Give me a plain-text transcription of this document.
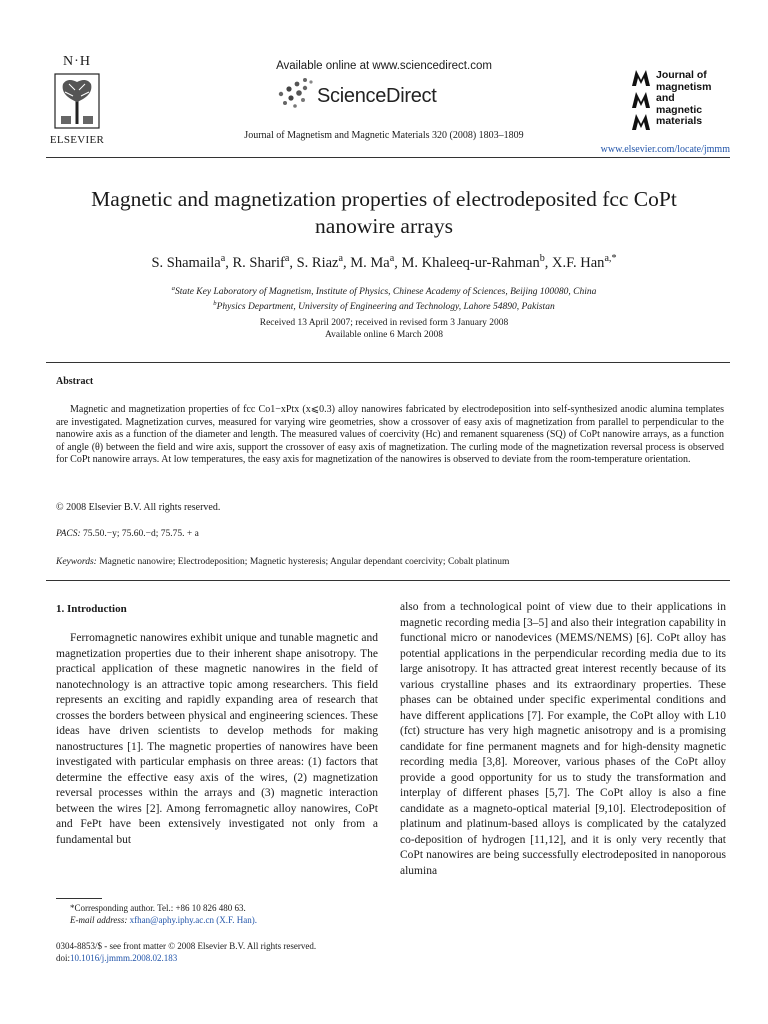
N·H
ELSEVIER
Available online at www.sciencedirect.com
ScienceDirect
Journal of Magnetism and Magnetic Materials 320 (2008) 1803–1809
Journal of
magnetism
and
magnetic
materials
www.elsevier.com/locate/jmmm
Magnetic and magnetization properties of electrodeposited fcc CoPt
nanowire arrays
S. Shamaila$^a$, R. Sharif$^a$, S. Riaz$^a$, M. Ma$^a$, M. Khaleeq-ur-Rahman$^b$, X.F. Han$^{a,*}$
$^a$State Key Laboratory of Magnetism, Institute of Physics, Chinese Academy of Sciences, Beijing 100080, China
$^b$Physics Department, University of Engineering and Technology, Lahore 54890, Pakistan
Received 13 April 2007; received in revised form 3 January 2008
Available online 6 March 2008
Abstract
Magnetic and magnetization properties of fcc Co1−xPtx (x⩽0.3) alloy nanowires fabricated by electrodeposition into self-synthesized anodic alumina templates are investigated. Magnetization curves, measured for varying wire geometries, show a crossover of easy axis of magnetization from parallel to perpendicular to the nanowire axis as a function of the diameter and length. The measured values of coercivity (Hc) and remanent squareness (SQ) of CoPt nanowire arrays, as a function of angle (θ) between the field and wire axis, support the crossover of easy axis of magnetization. The curling mode of the magnetization reversal process is observed for CoPt nanowire arrays. At low temperatures, the easy axis for magnetization of the nanowires is observed to deviate from the room-temperature orientation.
© 2008 Elsevier B.V. All rights reserved.
PACS: 75.50.−y; 75.60.−d; 75.75. + a
Keywords: Magnetic nanowire; Electrodeposition; Magnetic hysteresis; Angular dependant coercivity; Cobalt platinum
1. Introduction
Ferromagnetic nanowires exhibit unique and tunable magnetic and magnetization properties due to their inherent shape anisotropy. The practical application of these magnetic nanowires in the field of nanotechnology is an attractive topic among researchers. This field represents an exciting and rapidly expanding area of research that crosses the borders between physical and engineering sciences. These ideas have driven scientists to develop methods for making nanostructures [1]. The magnetic properties of nanowires have been investigated with particular emphasis on three areas: (1) factors that determine the effective easy axis of the wires, (2) magnetization reversal processes within the arrays and (3) magnetic interaction between the wires [2]. Among ferromagnetic alloy nanowires, CoPt and FePt have been extensively investigated not only from a fundamental but
also from a technological point of view due to their applications in magnetic recording media [3–5] and also their integration capability in functional micro or nanodevices (MEMS/NEMS) [6]. CoPt alloy has potential applications in the perpendicular recording media due to its large anisotropy. It has attracted great interest recently because of its various crystalline phases and its extraordinary properties. These phases can be obtained under specific experimental conditions and have different applications [7]. For example, the CoPt alloy with L10 (fct) structure has very high magnetic anisotropy and is a promising candidate for fine permanent magnets and for high-density magnetic recording media [3,8]. Moreover, various phases of the CoPt alloy provide a good opportunity for us to study the transformation and interplay of different phases [5,7]. The CoPt alloy is also a fine candidate as a magneto-optical material [9,10]. Electrodeposition of platinum and platinum-based alloys is complicated by the catalyzed co-deposition of hydrogen [11,12], and it is only very recently that CoPt nanowires are being successfully electrodeposited in nanoporous alumina
*Corresponding author. Tel.: +86 10 826 480 63.
E-mail address: xfhan@aphy.iphy.ac.cn (X.F. Han).
0304-8853/$ - see front matter © 2008 Elsevier B.V. All rights reserved.
doi:10.1016/j.jmmm.2008.02.183
